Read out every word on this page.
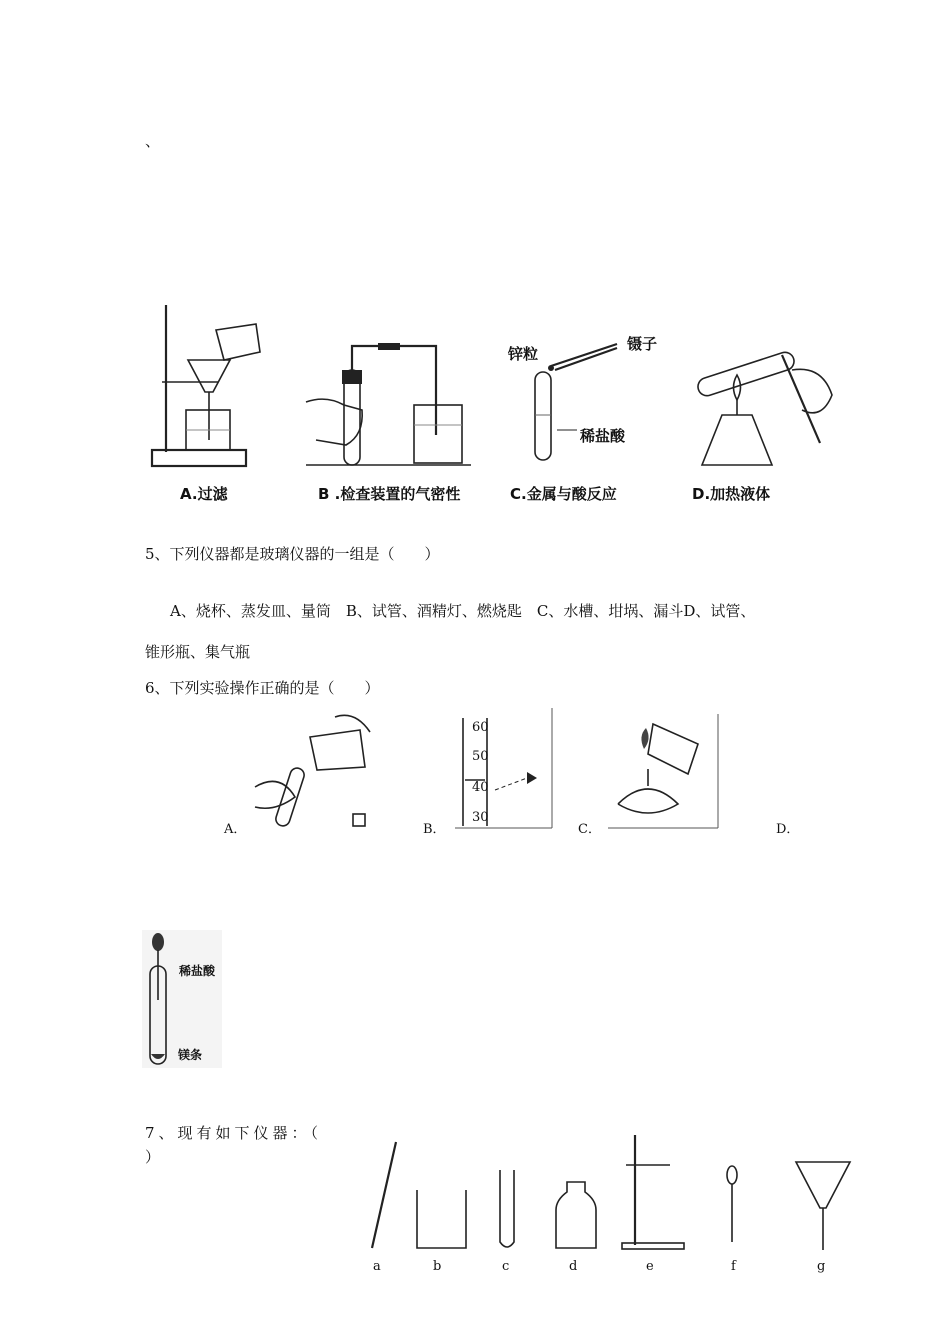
、
A.过滤	B .检查装置的气密性
锌粒
镊子
稀盐酸
C.金属与酸反应	D.加热液体
5、下列仪器都是玻璃仪器的一组是（　　）
A、烧杯、蒸发皿、量筒　B、试管、酒精灯、燃烧匙　C、水槽、坩埚、漏斗D、试管、
锥形瓶、集气瓶
6、下列实验操作正确的是（　　）
A．
60
50
40
30
B．	C．	D．
稀盐酸
镁条
7、现有如下仪器：（
）
a	b	c	d	e	f	g
